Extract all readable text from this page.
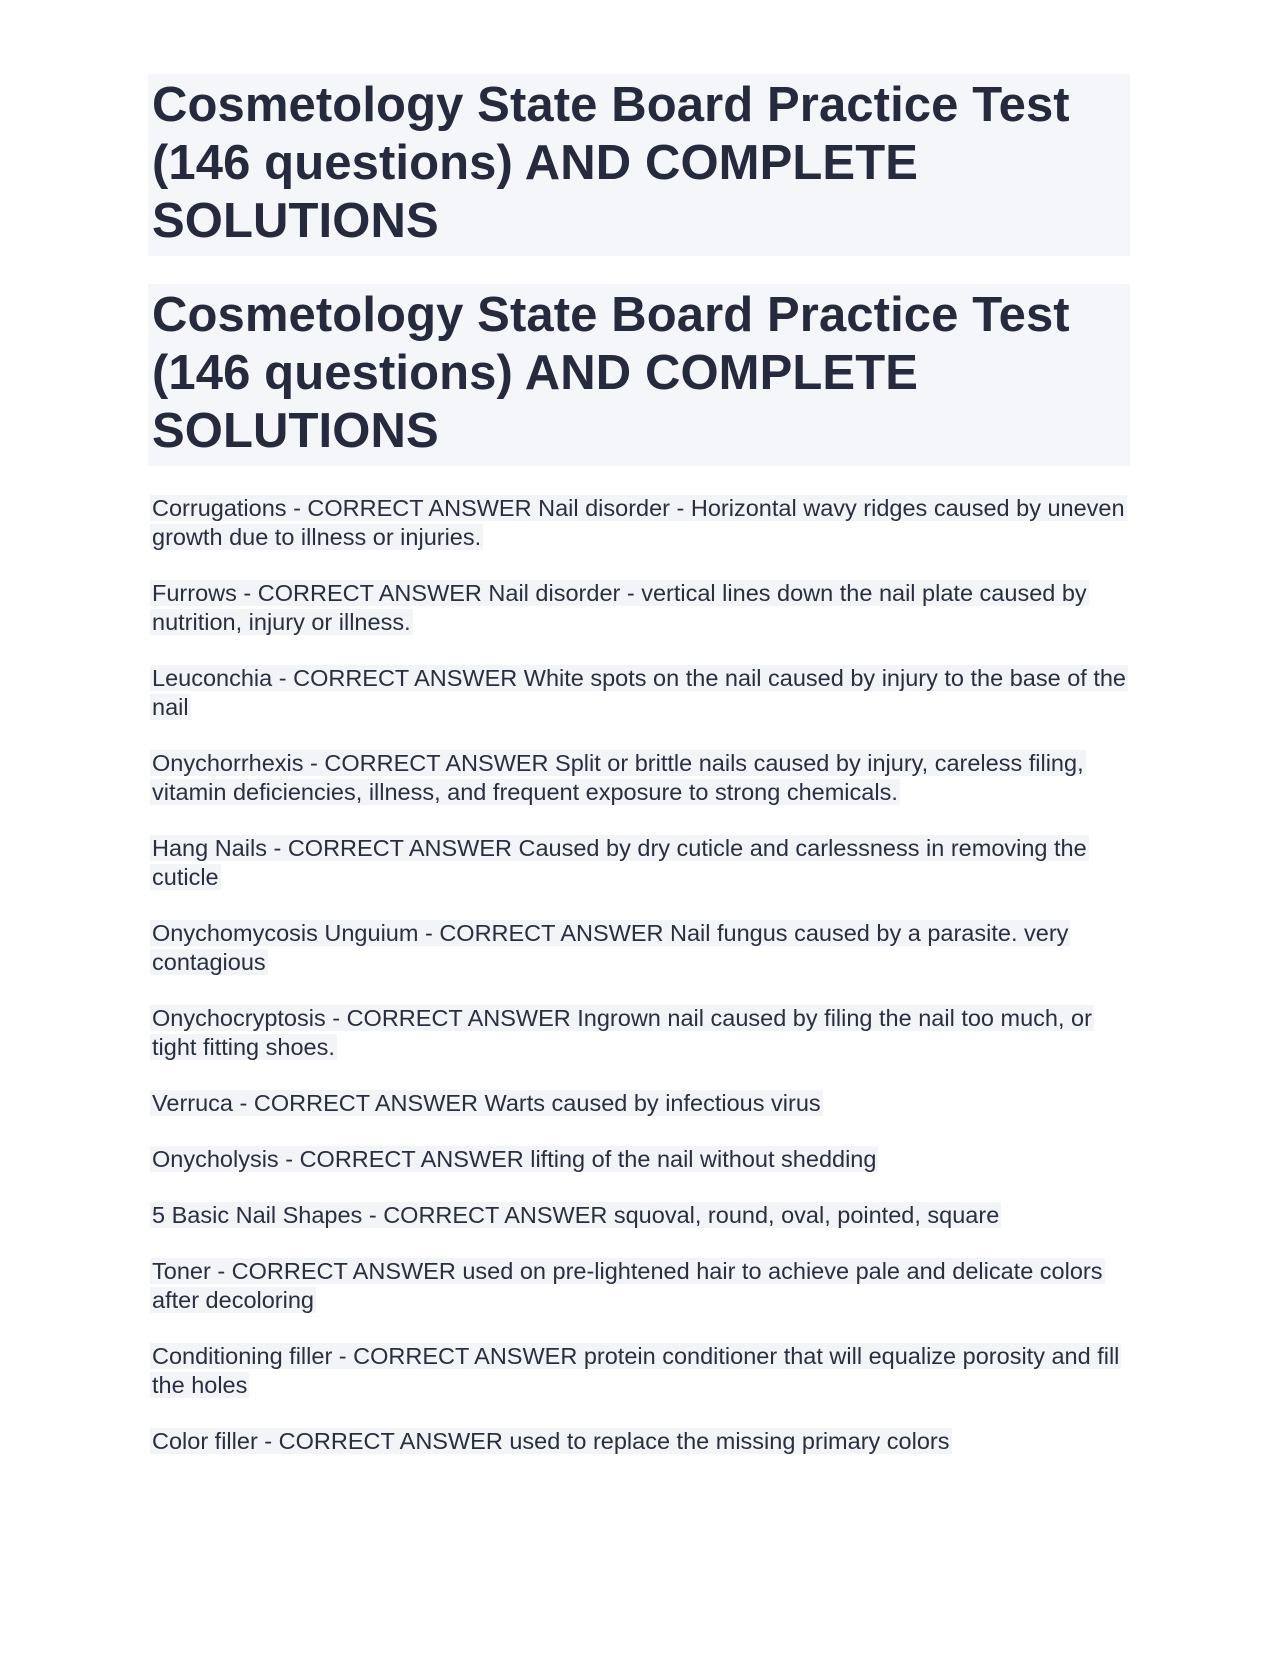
Cosmetology State Board Practice Test (146 questions) AND COMPLETE SOLUTIONS
Cosmetology State Board Practice Test (146 questions) AND COMPLETE SOLUTIONS

Corrugations - CORRECT ANSWER Nail disorder - Horizontal wavy ridges caused by uneven growth due to illness or injuries.

Furrows - CORRECT ANSWER Nail disorder - vertical lines down the nail plate caused by nutrition, injury or illness.

Leuconchia - CORRECT ANSWER White spots on the nail caused by injury to the base of the nail

Onychorrhexis - CORRECT ANSWER Split or brittle nails caused by injury, careless filing, vitamin deficiencies, illness, and frequent exposure to strong chemicals.

Hang Nails - CORRECT ANSWER Caused by dry cuticle and carlessness in removing the cuticle

Onychomycosis Unguium - CORRECT ANSWER Nail fungus caused by a parasite. very contagious

Onychocryptosis - CORRECT ANSWER Ingrown nail caused by filing the nail too much, or tight fitting shoes.

Verruca - CORRECT ANSWER Warts caused by infectious virus

Onycholysis - CORRECT ANSWER lifting of the nail without shedding

5 Basic Nail Shapes - CORRECT ANSWER squoval, round, oval, pointed, square

Toner - CORRECT ANSWER used on pre-lightened hair to achieve pale and delicate colors after decoloring

Conditioning filler - CORRECT ANSWER protein conditioner that will equalize porosity and fill the holes

Color filler - CORRECT ANSWER used to replace the missing primary colors
